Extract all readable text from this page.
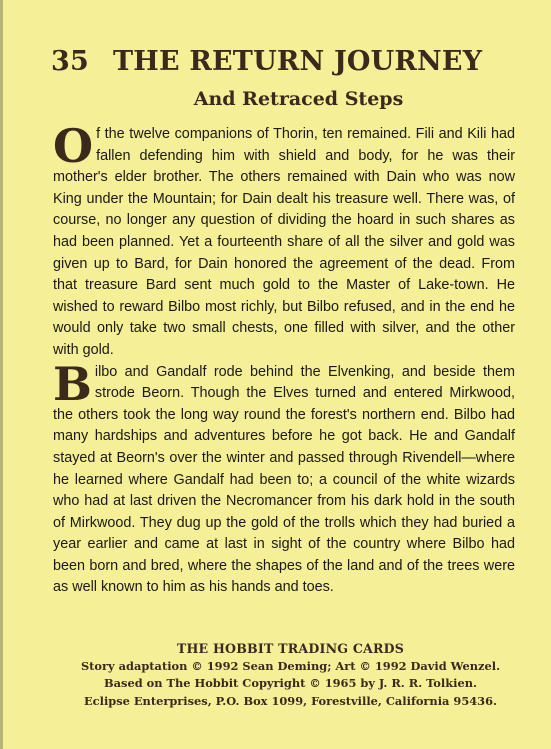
35 THE RETURN JOURNEY
And Retraced Steps

Of the twelve companions of Thorin, ten remained. Fili and Kili had fallen defending him with shield and body, for he was their mother's elder brother. The others remained with Dain who was now King under the Mountain; for Dain dealt his treasure well. There was, of course, no longer any question of dividing the hoard in such shares as had been planned. Yet a fourteenth share of all the silver and gold was given up to Bard, for Dain honored the agreement of the dead. From that treasure Bard sent much gold to the Master of Lake-town. He wished to reward Bilbo most richly, but Bilbo refused, and in the end he would only take two small chests, one filled with silver, and the other with gold.

Bilbo and Gandalf rode behind the Elvenking, and beside them strode Beorn. Though the Elves turned and entered Mirkwood, the others took the long way round the forest's northern end. Bilbo had many hardships and adventures before he got back. He and Gandalf stayed at Beorn's over the winter and passed through Rivendell—where he learned where Gandalf had been to; a council of the white wizards who had at last driven the Necromancer from his dark hold in the south of Mirkwood. They dug up the gold of the trolls which they had buried a year earlier and came at last in sight of the country where Bilbo had been born and bred, where the shapes of the land and of the trees were as well known to him as his hands and toes.

THE HOBBIT TRADING CARDS
Story adaptation © 1992 Sean Deming; Art © 1992 David Wenzel.
Based on The Hobbit Copyright © 1965 by J. R. R. Tolkien.
Eclipse Enterprises, P.O. Box 1099, Forestville, California 95436.
